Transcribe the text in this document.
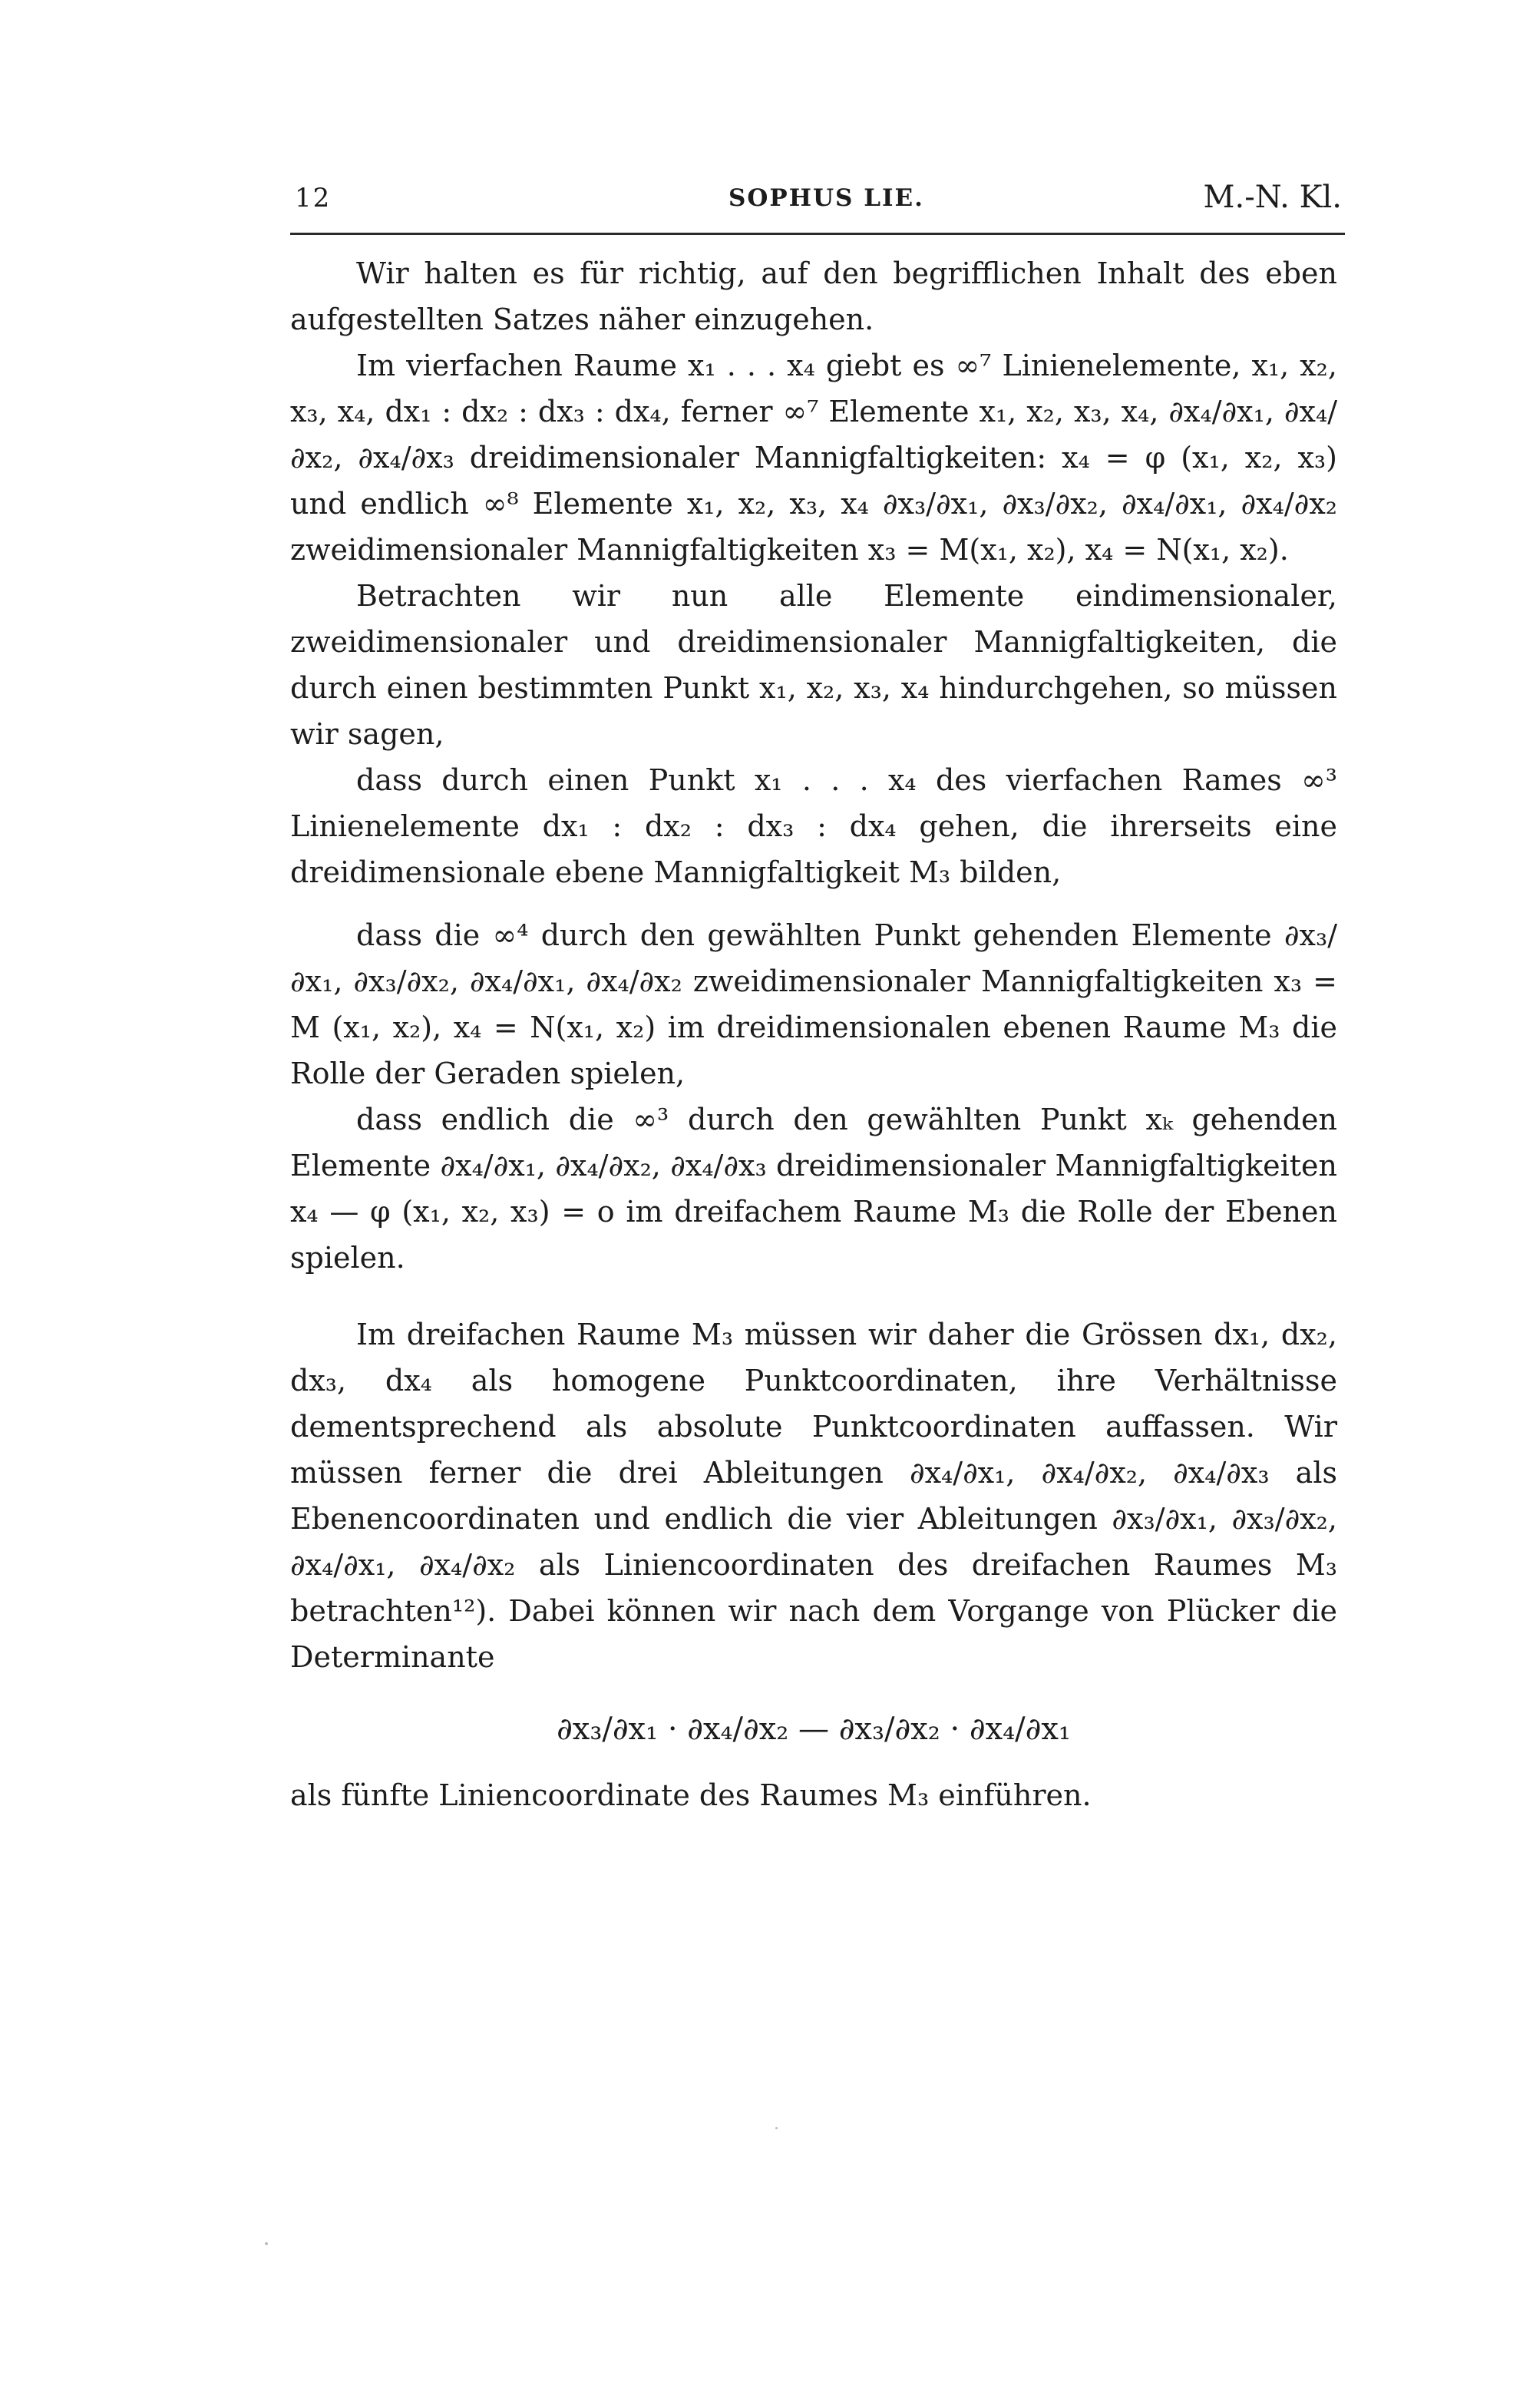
12	SOPHUS LIE.	M.-N. Kl.

Wir halten es für richtig, auf den begrifflichen Inhalt des eben aufgestellten Satzes näher einzugehen.

Im vierfachen Raume x₁ . . . x₄ giebt es ∞⁷ Linienelemente, x₁, x₂, x₃, x₄, dx₁ : dx₂ : dx₃ : dx₄, ferner ∞⁷ Elemente x₁, x₂, x₃, x₄, ∂x₄/∂x₁, ∂x₄/∂x₂, ∂x₄/∂x₃ dreidimensionaler Mannigfaltigkeiten: x₄ = φ (x₁, x₂, x₃) und endlich ∞⁸ Elemente x₁, x₂, x₃, x₄ ∂x₃/∂x₁, ∂x₃/∂x₂, ∂x₄/∂x₁, ∂x₄/∂x₂ zweidimensionaler Mannigfaltigkeiten x₃ = M(x₁, x₂), x₄ = N(x₁, x₂).

Betrachten wir nun alle Elemente eindimensionaler, zweidimensionaler und dreidimensionaler Mannigfaltigkeiten, die durch einen bestimmten Punkt x₁, x₂, x₃, x₄ hindurchgehen, so müssen wir sagen,

dass durch einen Punkt x₁ . . . x₄ des vierfachen Rames ∞³ Linienelemente dx₁ : dx₂ : dx₃ : dx₄ gehen, die ihrerseits eine dreidimensionale ebene Mannigfaltigkeit M₃ bilden,

dass die ∞⁴ durch den gewählten Punkt gehenden Elemente ∂x₃/∂x₁, ∂x₃/∂x₂, ∂x₄/∂x₁, ∂x₄/∂x₂ zweidimensionaler Mannigfaltigkeiten x₃ = M (x₁, x₂), x₄ = N(x₁, x₂) im dreidimensionalen ebenen Raume M₃ die Rolle der Geraden spielen,

dass endlich die ∞³ durch den gewählten Punkt xₖ gehenden Elemente ∂x₄/∂x₁, ∂x₄/∂x₂, ∂x₄/∂x₃ dreidimensionaler Mannigfaltigkeiten x₄ — φ (x₁, x₂, x₃) = o im dreifachem Raume M₃ die Rolle der Ebenen spielen.

Im dreifachen Raume M₃ müssen wir daher die Grössen dx₁, dx₂, dx₃, dx₄ als homogene Punktcoordinaten, ihre Verhältnisse dementsprechend als absolute Punktcoordinaten auffassen. Wir müssen ferner die drei Ableitungen ∂x₄/∂x₁, ∂x₄/∂x₂, ∂x₄/∂x₃ als Ebenencoordinaten und endlich die vier Ableitungen ∂x₃/∂x₁, ∂x₃/∂x₂, ∂x₄/∂x₁, ∂x₄/∂x₂ als Liniencoordinaten des dreifachen Raumes M₃ betrachten¹²). Dabei können wir nach dem Vorgange von Plücker die Determinante

∂x₃/∂x₁ · ∂x₄/∂x₂ — ∂x₃/∂x₂ · ∂x₄/∂x₁

als fünfte Liniencoordinate des Raumes M₃ einführen.
